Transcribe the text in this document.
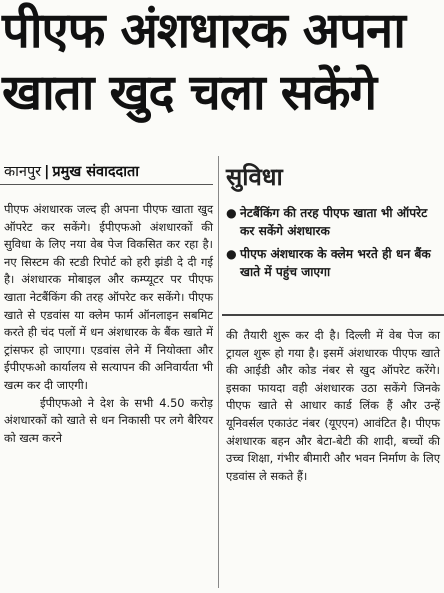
पीएफ अंशधारक अपना
खाता खुद चला सकेंगे
कानपुर | प्रमुख संवाददाता

पीएफ अंशधारक जल्द ही अपना पीएफ खाता खुद ऑपरेट कर सकेंगे। ईपीएफओ अंशधारकों की सुविधा के लिए नया वेब पेज विकसित कर रहा है। नए सिस्टम की स्टडी रिपोर्ट को हरी झंडी दे दी गई है। अंशधारक मोबाइल और कम्प्यूटर पर पीएफ खाता नेटबैंकिंग की तरह ऑपरेट कर सकेंगे। पीएफ खाते से एडवांस या क्लेम फार्म ऑनलाइन सबमिट करते ही चंद पलों में धन अंशधारक के बैंक खाते में ट्रांसफर हो जाएगा। एडवांस लेने में नियोक्ता और ईपीएफओ कार्यालय से सत्यापन की अनिवार्यता भी खत्म कर दी जाएगी।

ईपीएफओ ने देश के सभी 4.50 करोड़ अंशधारकों को खाते से धन निकासी पर लगे बैरियर को खत्म करने

सुविधा
● नेटबैंकिंग की तरह पीएफ खाता भी ऑपरेट कर सकेंगे अंशधारक
● पीएफ अंशधारक के क्लेम भरते ही धन बैंक खाते में पहुंच जाएगा

की तैयारी शुरू कर दी है। दिल्ली में वेब पेज का ट्रायल शुरू हो गया है। इसमें अंशधारक पीएफ खाते की आईडी और कोड नंबर से खुद ऑपरेट करेंगे। इसका फायदा वही अंशधारक उठा सकेंगे जिनके पीएफ खाते से आधार कार्ड लिंक हैं और उन्हें यूनिवर्सल एकाउंट नंबर (यूएएन) आवंटित है। पीएफ अंशधारक बहन और बेटा-बेटी की शादी, बच्चों की उच्च शिक्षा, गंभीर बीमारी और भवन निर्माण के लिए एडवांस ले सकते हैं।
